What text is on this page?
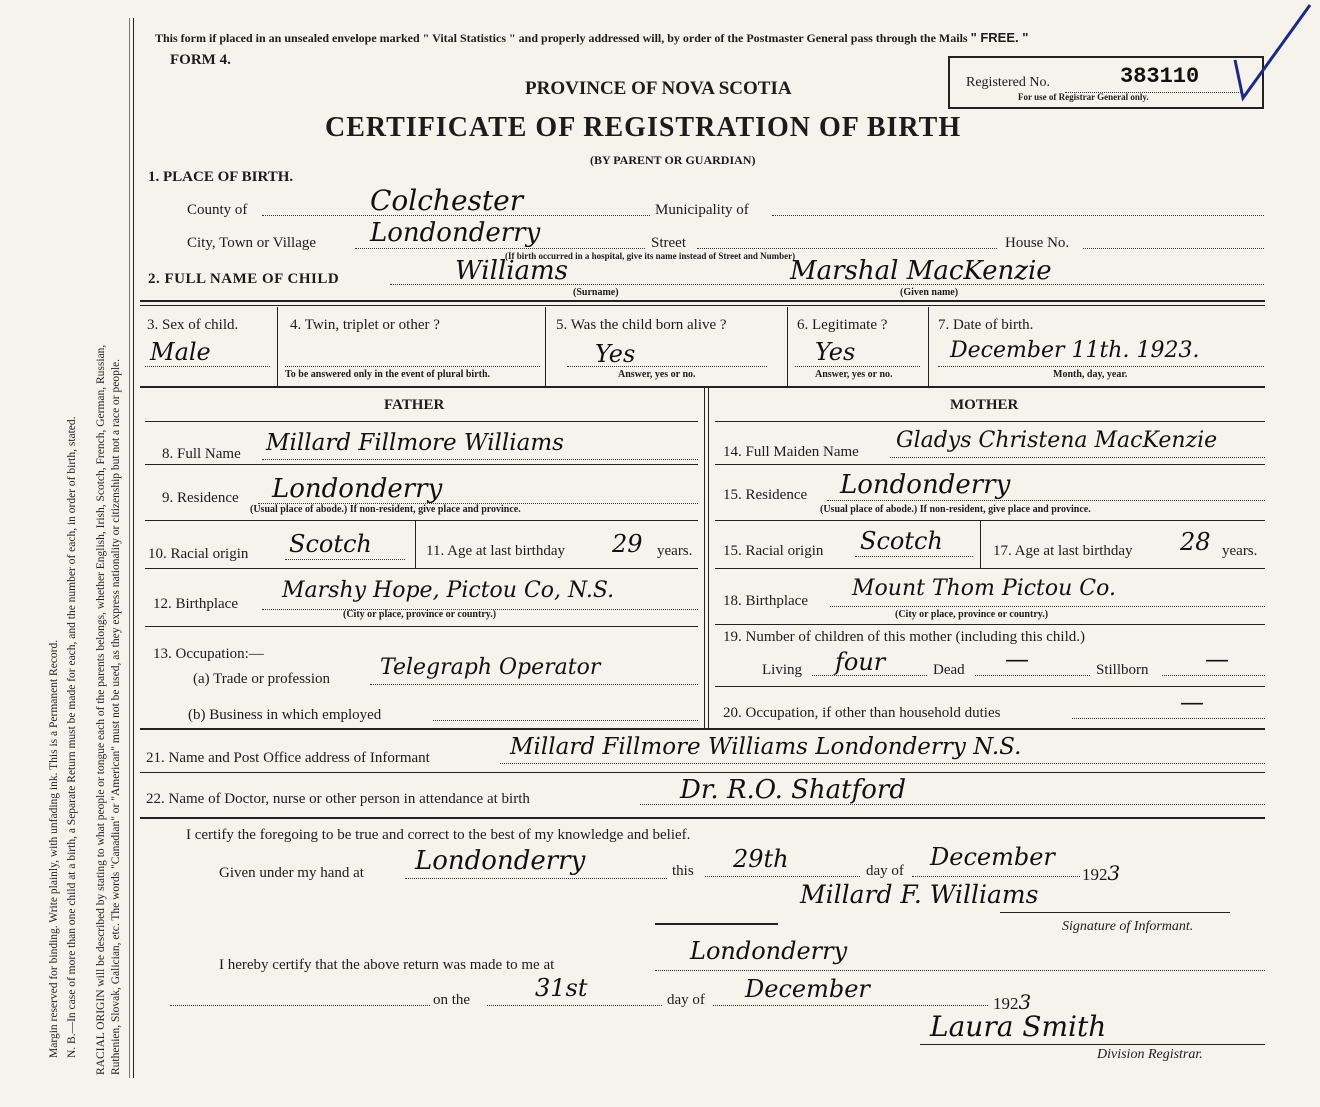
Margin reserved for binding. Write plainly, with unfading ink. This is a Permanent Record. N. B.—In case of more than one child at a birth, a Separate Return must be made for each, and the number of each, in order of birth, stated. RACIAL ORIGIN will be described by stating to what people or tongue each of the parents belongs, whether English, Irish, Scotch, French, German, Russian, Ruthenien, Slovak, Galician, etc. The words "Canadian" or "American" must not be used, as they express nationality or citizenship but not a race or people.
This form if placed in an unsealed envelope marked " Vital Statistics " and properly addressed will, by order of the Postmaster General pass through the Mails " FREE. "
FORM 4.
PROVINCE OF NOVA SCOTIA
CERTIFICATE OF REGISTRATION OF BIRTH
(BY PARENT OR GUARDIAN)
Registered No.	383110
For use of Registrar General only.
1. PLACE OF BIRTH.
County of	Colchester	Municipality of
City, Town or Village Londonderry	Street	House No.
(If birth occurred in a hospital, give its name instead of Street and Number)
2. FULL NAME OF CHILD	Williams
(Surname)
Marshal MacKenzie
(Given name)
3. Sex of child.
Male
4. Twin, triplet or other ?
To be answered only in the event of plural birth.
5. Was the child born alive ?
Yes
Answer, yes or no.
6. Legitimate ?
Yes
Answer, yes or no.
7. Date of birth.
December 11th. 1923.
Month, day, year.
FATHER	MOTHER
8. Full Name Millard Fillmore Williams
9. Residence Londonderry
(Usual place of abode.) If non-resident, give place and province.
10. Racial origin Scotch	11. Age at last birthday 29 years.
12. Birthplace
Marshy Hope, Pictou Co, N.S.
(City or place, province or country.)
13. Occupation:—
(a) Trade or profession Telegraph Operator
(b) Business in which employed
14. Full Maiden Name Gladys Christena MacKenzie
15. Residence Londonderry
(Usual place of abode.) If non-resident, give place and province.
15. Racial origin Scotch	17. Age at last birthday 28 years.
18. Birthplace Mount Thom Pictou Co.
(City or place, province or country.)
19. Number of children of this mother (including this child.)
Living four	Dead —	Stillborn —
20. Occupation, if other than household duties	—
21. Name and Post Office address of Informant	Millard Fillmore Williams Londonderry N.S.
22. Name of Doctor, nurse or other person in attendance at birth	Dr. R.O. Shatford
I certify the foregoing to be true and correct to the best of my knowledge and belief.
Given under my hand at Londonderry	this 29th	day of December
1923
Millard F. Williams
Signature of Informant.
I hereby certify that the above return was made to me at	Londonderry
on the	31st	day of December
1923
Laura Smith
Division Registrar.
